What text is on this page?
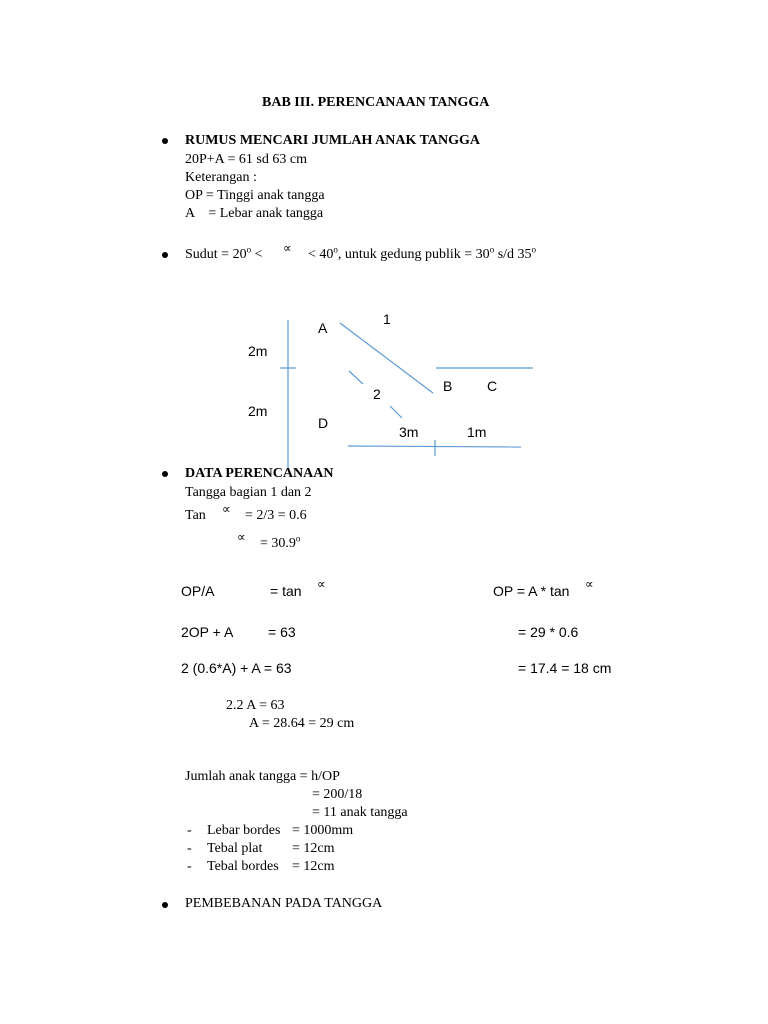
BAB III. PERENCANAAN TANGGA
RUMUS MENCARI JUMLAH ANAK TANGGA
20P+A = 61 sd 63 cm
Keterangan :
OP = Tinggi anak tangga
A    = Lebar anak tangga
Sudut = $20^o$ < ∝ < $40^o$, untuk gedung publik = $30^o$ s/d 35$^o$
A
1
2m
2	B C
2m
D
3m	1m
DATA PERENCANAAN
Tangga bagian 1 dan 2
Tan ∝ = 2/3 = 0.6
∝ = $30.9^o$
OP/A	= tan ∝	OP = A * tan ∝
2OP + A = 63	= 29 * 0.6
2 (0.6*A) + A = 63	= 17.4 = 18 cm
2.2 A = 63
A = 28.64 = 29 cm
Jumlah anak tangga = h/OP
= 200/18
= 11 anak tangga
- Lebar bordes = 1000mm
- Tebal plat = 12cm
- Tebal bordes = 12cm
PEMBEBANAN PADA TANGGA
